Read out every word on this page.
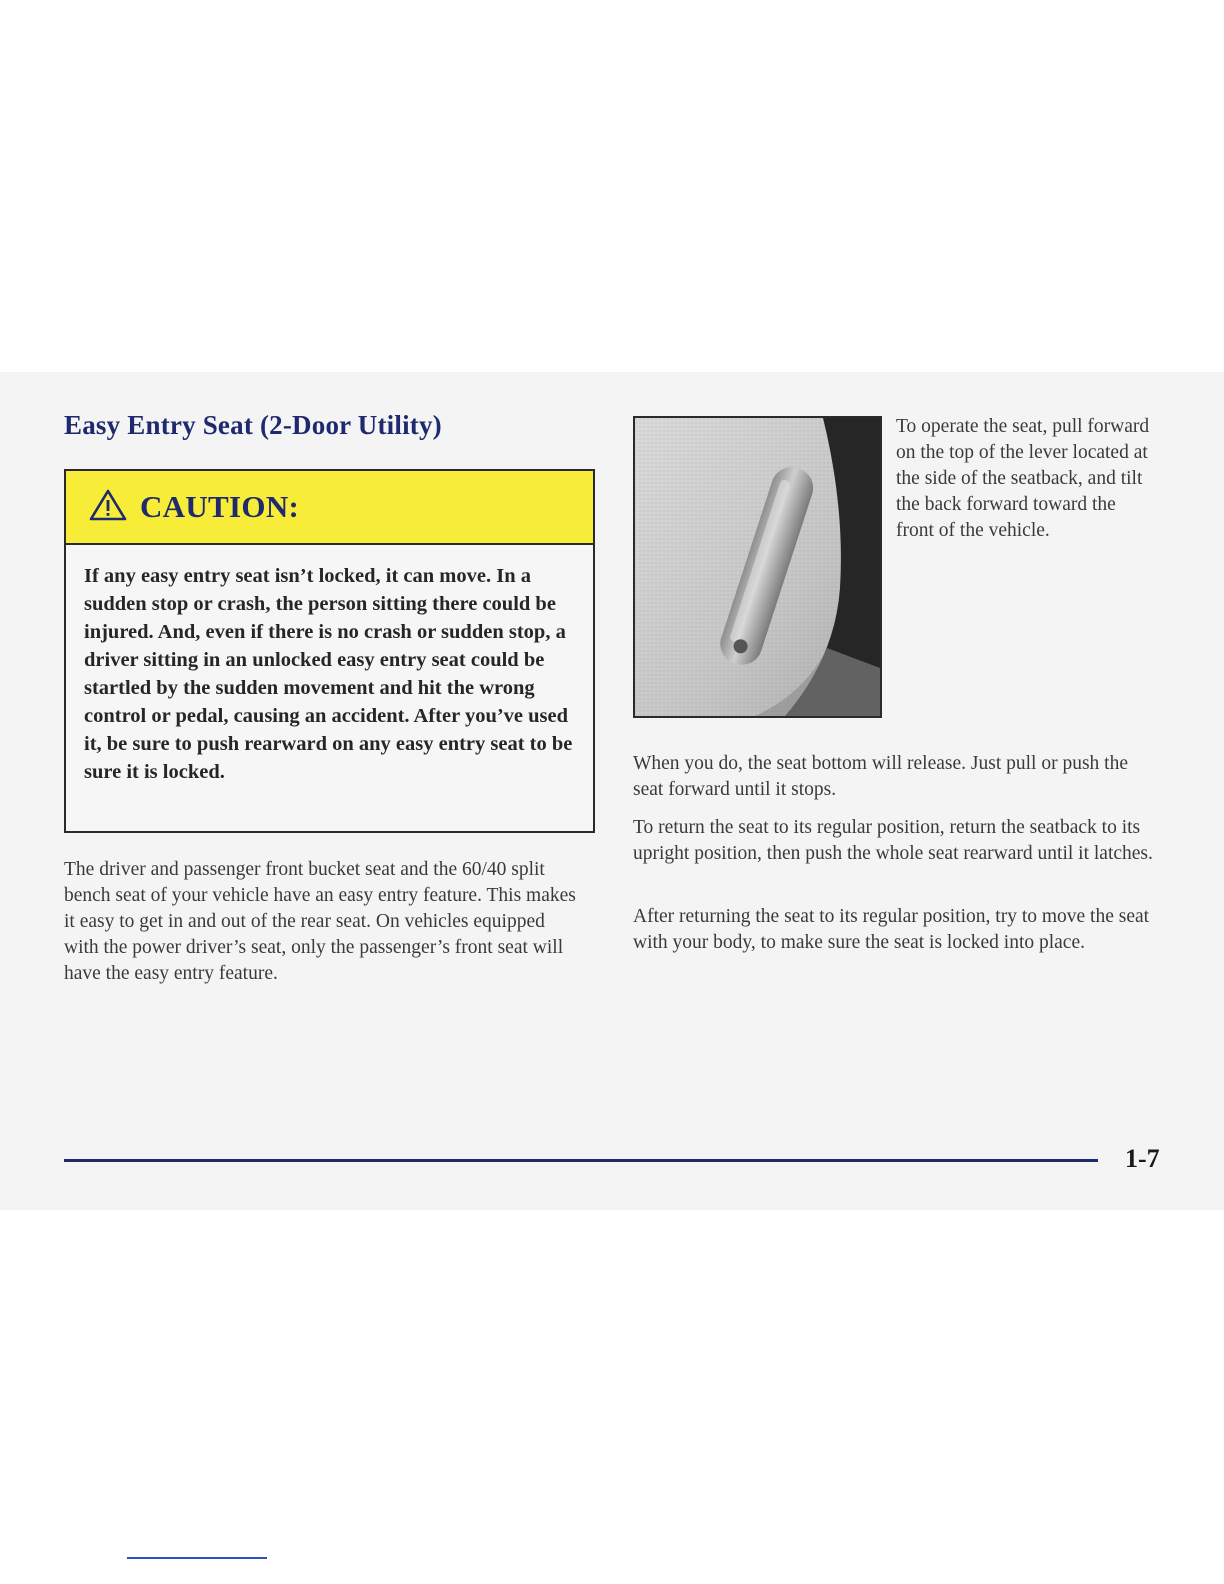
Easy Entry Seat (2-Door Utility)
CAUTION:

If any easy entry seat isn’t locked, it can move. In a sudden stop or crash, the person sitting there could be injured. And, even if there is no crash or sudden stop, a driver sitting in an unlocked easy entry seat could be startled by the sudden movement and hit the wrong control or pedal, causing an accident. After you’ve used it, be sure to push rearward on any easy entry seat to be sure it is locked.

The driver and passenger front bucket seat and the 60/40 split bench seat of your vehicle have an easy entry feature. This makes it easy to get in and out of the rear seat. On vehicles equipped with the power driver’s seat, only the passenger’s front seat will have the easy entry feature.

To operate the seat, pull forward on the top of the lever located at the side of the seatback, and tilt the back forward toward the front of the vehicle.

When you do, the seat bottom will release. Just pull or push the seat forward until it stops.

To return the seat to its regular position, return the seatback to its upright position, then push the whole seat rearward until it latches.

After returning the seat to its regular position, try to move the seat with your body, to make sure the seat is locked into place.

1-7
